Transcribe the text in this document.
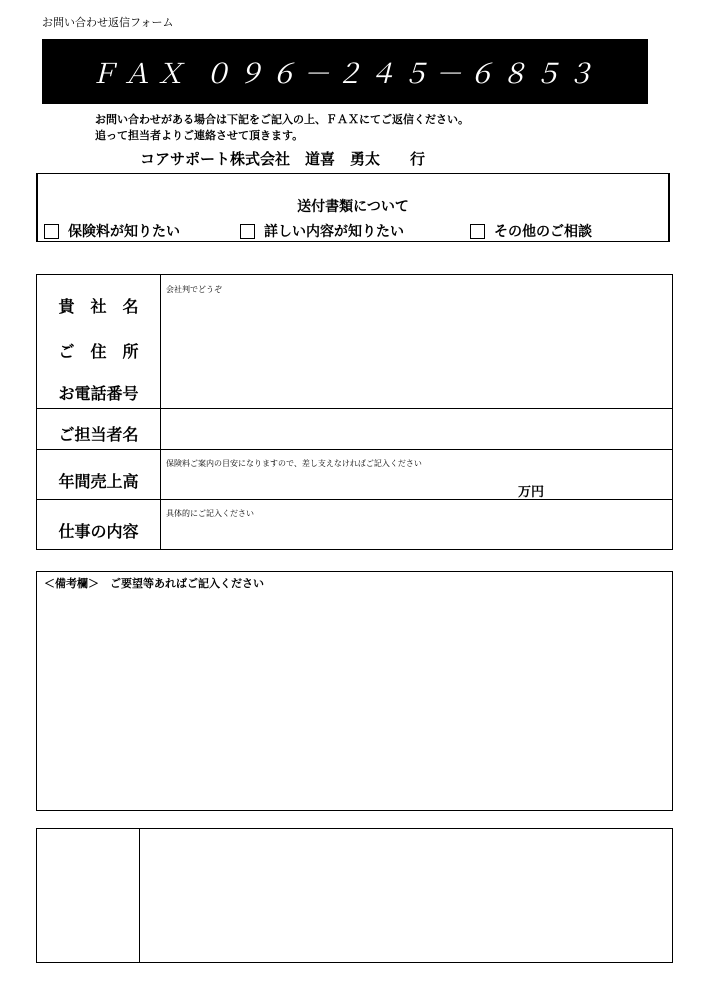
お問い合わせ返信フォーム
ＦＡＸ ０９６－２４５－６８５３
お問い合わせがある場合は下記をご記入の上、ＦＡＸにてご返信ください。
追って担当者よりご連絡させて頂きます。
コアサポート株式会社　道喜　勇太　　行
送付書類について
保険料が知りたい	詳しい内容が知りたい	その他のご相談
貴　社　名
ご　住　所
お電話番号
会社判でどうぞ
ご担当者名
年間売上高
保険料ご案内の目安になりますので、差し支えなければご記入ください
万円
仕事の内容
具体的にご記入ください
＜備考欄＞　ご要望等あればご記入ください
